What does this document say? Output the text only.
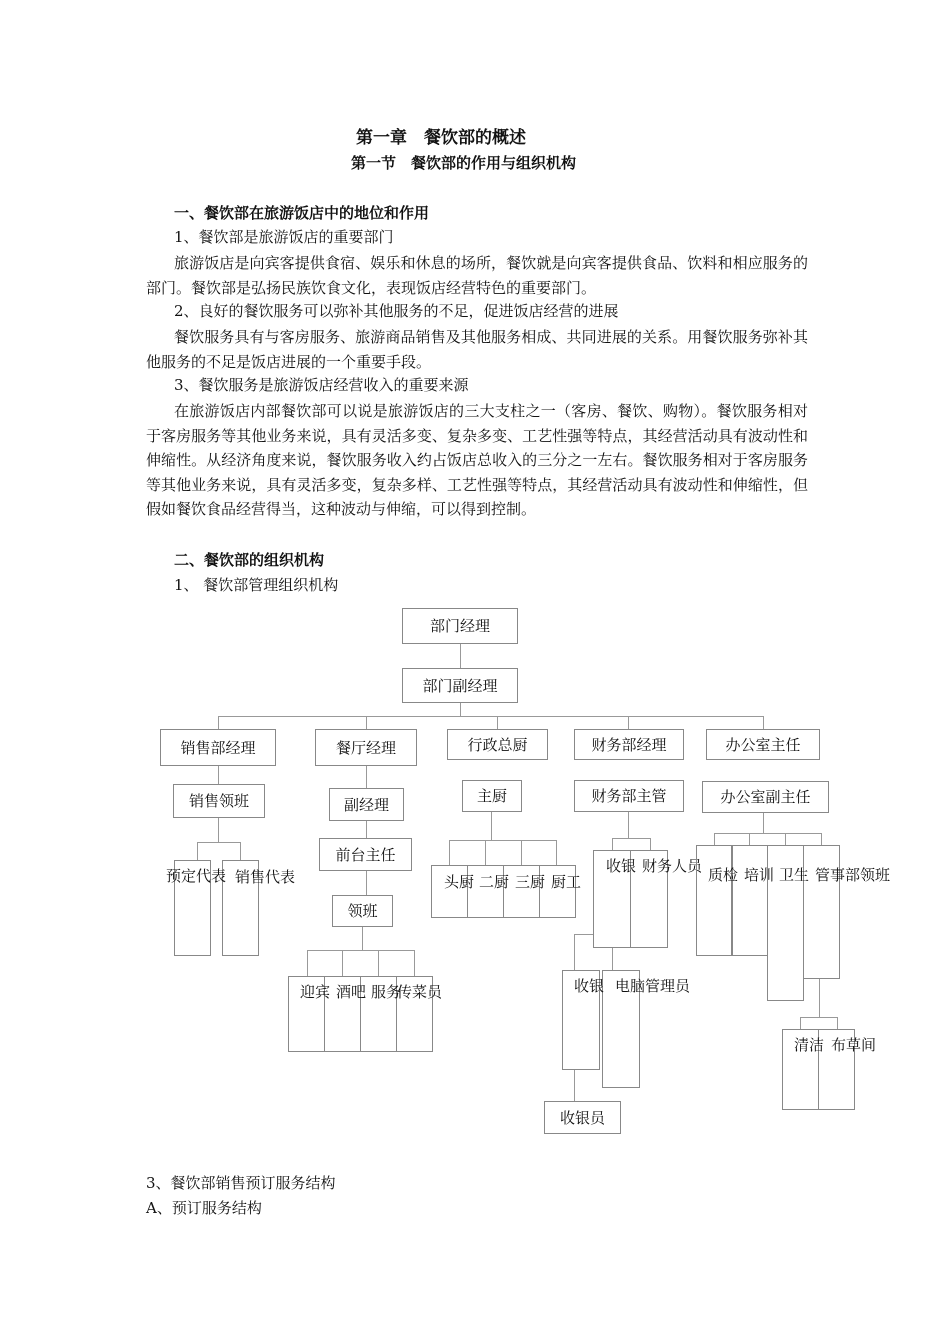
第一章　餐饮部的概述
第一节　餐饮部的作用与组织机构
一、餐饮部在旅游饭店中的地位和作用
1、餐饮部是旅游饭店的重要部门
旅游饭店是向宾客提供食宿、娱乐和休息的场所，餐饮就是向宾客提供食品、饮料和相应服务的部门。餐饮部是弘扬民族饮食文化，表现饭店经营特色的重要部门。
2、良好的餐饮服务可以弥补其他服务的不足，促进饭店经营的进展
餐饮服务具有与客房服务、旅游商品销售及其他服务相成、共同进展的关系。用餐饮服务弥补其他服务的不足是饭店进展的一个重要手段。
3、餐饮服务是旅游饭店经营收入的重要来源
在旅游饭店内部餐饮部可以说是旅游饭店的三大支柱之一（客房、餐饮、购物）。餐饮服务相对于客房服务等其他业务来说，具有灵活多变、复杂多变、工艺性强等特点，其经营活动具有波动性和伸缩性。从经济角度来说，餐饮服务收入约占饭店总收入的三分之一左右。餐饮服务相对于客房服务等其他业务来说，具有灵活多变，复杂多样、工艺性强等特点，其经营活动具有波动性和伸缩性，但假如餐饮食品经营得当，这种波动与伸缩，可以得到控制。
二、餐饮部的组织机构
1、 餐饮部管理组织机构
部门经理
部门副经理
销售部经理	餐厅经理	行政总厨	财务部经理	办公室主任
销售领班
预定代表 销售代表
副经理
前台主任
领班
迎宾 酒吧 服务
传菜员
主厨
头厨 二厨 三厨 厨工
财务部主管
收银 财务人员
收银 电脑管理员
收银员
办公室副主任
质检 培训 卫生 管事部领班
清洁 布草间
3、餐饮部销售预订服务结构
A、预订服务结构
